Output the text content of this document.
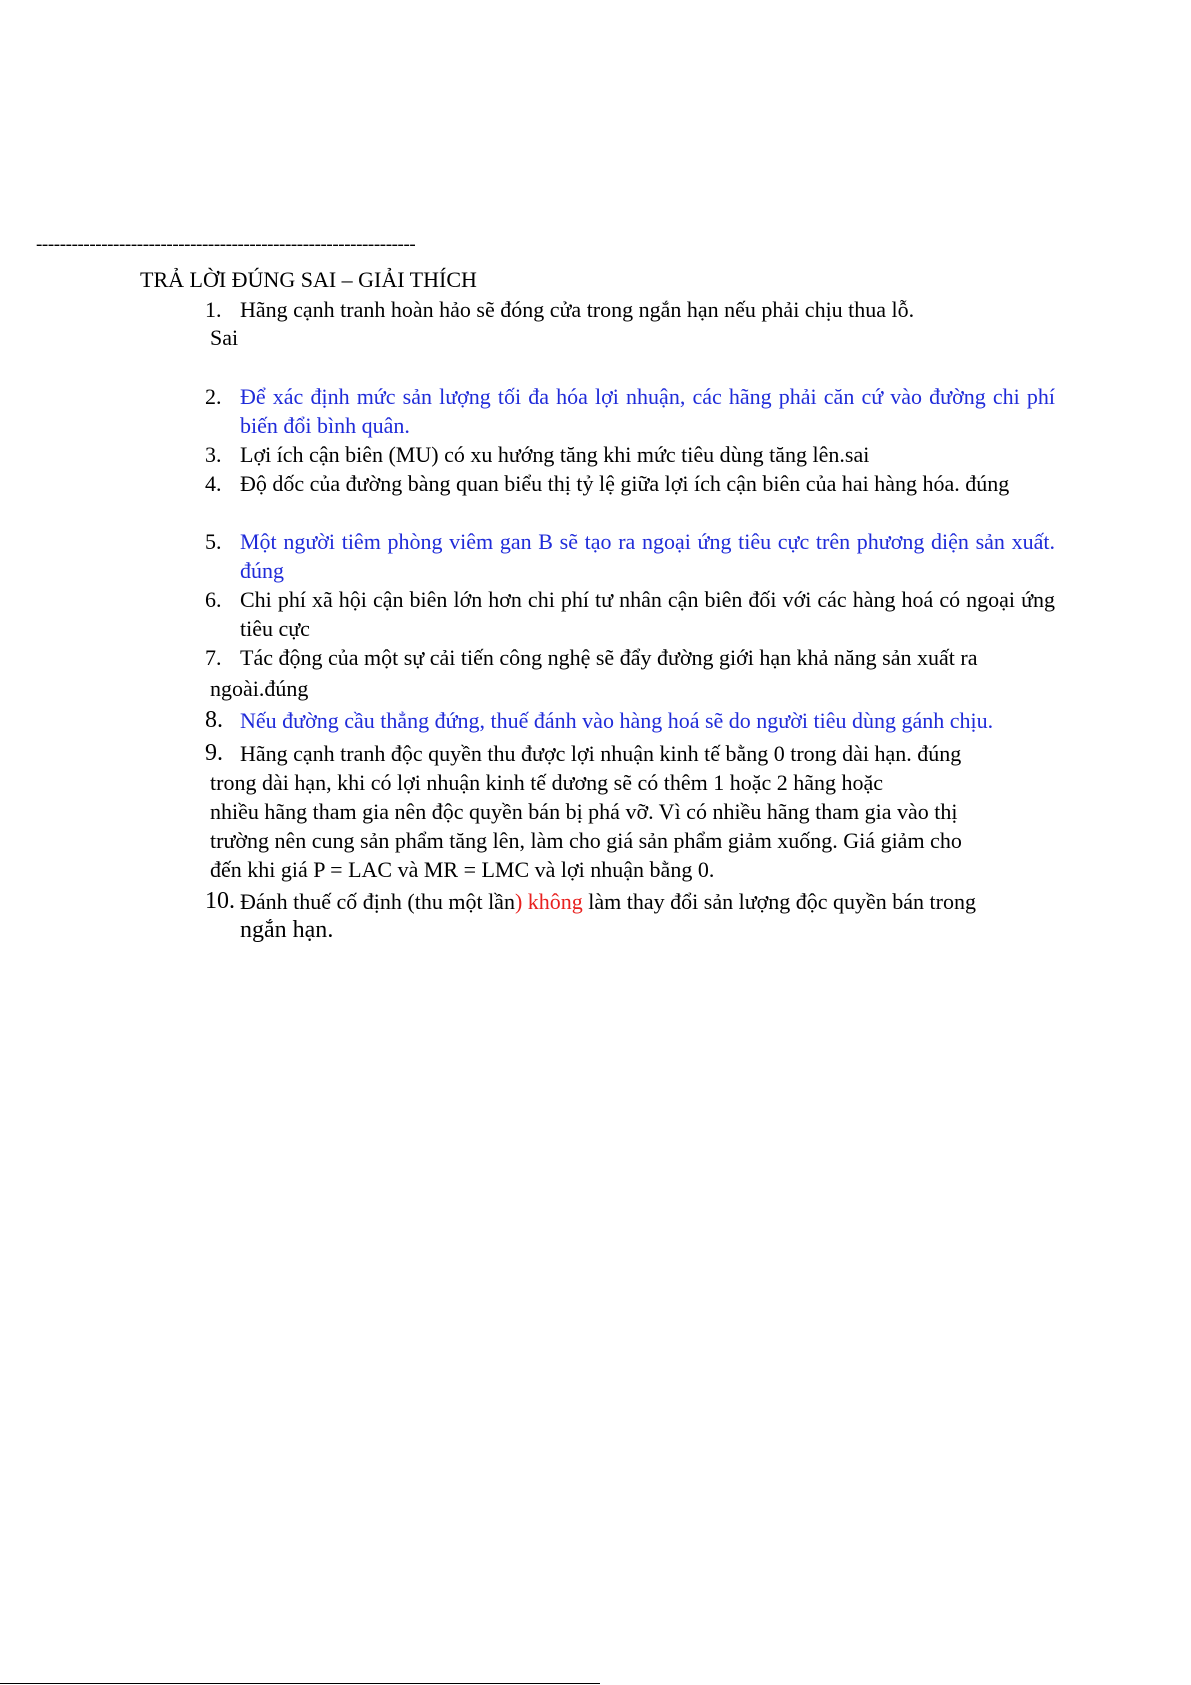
----------------------------------------------------------------
TRẢ LỜI ĐÚNG SAI – GIẢI THÍCH
1. Hãng cạnh tranh hoàn hảo sẽ đóng cửa trong ngắn hạn nếu phải chịu thua lỗ.
Sai
2. Để xác định mức sản lượng tối đa hóa lợi nhuận, các hãng phải căn cứ vào đường chi phí biến đổi bình quân.
3. Lợi ích cận biên (MU) có xu hướng tăng khi mức tiêu dùng tăng lên.sai
4. Độ dốc của đường bàng quan biểu thị tỷ lệ giữa lợi ích cận biên của hai hàng hóa. đúng
5. Một người tiêm phòng viêm gan B sẽ tạo ra ngoại ứng tiêu cực trên phương diện sản xuất. đúng
6. Chi phí xã hội cận biên lớn hơn chi phí tư nhân cận biên đối với các hàng hoá có ngoại ứng tiêu cực
7. Tác động của một sự cải tiến công nghệ sẽ đẩy đường giới hạn khả năng sản xuất ra
ngoài.đúng
8. Nếu đường cầu thẳng đứng, thuế đánh vào hàng hoá sẽ do người tiêu dùng gánh chịu.
9. Hãng cạnh tranh độc quyền thu được lợi nhuận kinh tế bằng 0 trong dài hạn. đúng
trong dài hạn, khi có lợi nhuận kinh tế dương sẽ có thêm 1 hoặc 2 hãng hoặc
nhiều hãng tham gia nên độc quyền bán bị phá vỡ. Vì có nhiều hãng tham gia vào thị
trường nên cung sản phẩm tăng lên, làm cho giá sản phẩm giảm xuống. Giá giảm cho
đến khi giá P = LAC và MR = LMC và lợi nhuận bằng 0.
10. Đánh thuế cố định (thu một lần) không làm thay đổi sản lượng độc quyền bán trong
ngắn hạn.
